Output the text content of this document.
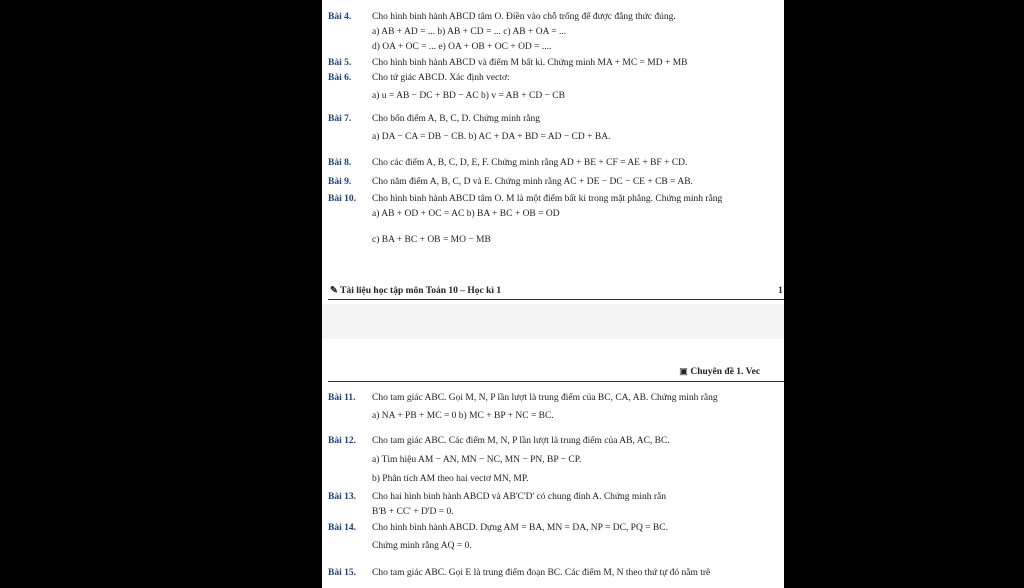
Bài 4. Cho hình bình hành ABCD tâm O. Điền vào chỗ trống để được đẳng thức đúng.
a) AB + AD = ... b) AB + CD = ... c) AB + OA = ...
d) OA + OC = ... e) OA + OB + OC + OD = ....
Bài 5. Cho hình bình hành ABCD và điểm M bất kì. Chứng minh MA + MC = MD + MB
Bài 6. Cho tứ giác ABCD. Xác định vectơ:
a) u = AB − DC + BD − AC b) v = AB + CD − CB
Bài 7. Cho bốn điểm A, B, C, D. Chứng minh rằng
a) DA − CA = DB − CB. b) AC + DA + BD = AD − CD + BA.
Bài 8. Cho các điểm A, B, C, D, E, F. Chứng minh rằng AD + BE + CF = AE + BF + CD.
Bài 9. Cho năm điểm A, B, C, D và E. Chứng minh rằng AC + DE − DC − CE + CB = AB.
Bài 10. Cho hình bình hành ABCD tâm O. M là một điểm bất kì trong mặt phẳng. Chứng minh rằng
a) AB + OD + OC = AC b) BA + BC + OB = OD
c) BA + BC + OB = MO − MB
✎ Tài liệu học tập môn Toán 10 – Học kì 1	1
▣ Chuyên đề 1. Vec
Bài 11. Cho tam giác ABC. Gọi M, N, P lần lượt là trung điểm của BC, CA, AB. Chứng minh rằng
a) NA + PB + MC = 0 b) MC + BP + NC = BC.
Bài 12. Cho tam giác ABC. Các điểm M, N, P lần lượt là trung điểm của AB, AC, BC.
a) Tìm hiệu AM − AN, MN − NC, MN − PN, BP − CP.
b) Phân tích AM theo hai vectơ MN, MP.
Bài 13. Cho hai hình bình hành ABCD và AB'C'D' có chung đỉnh A. Chứng minh rằn
B'B + CC' + D'D = 0.
Bài 14. Cho hình bình hành ABCD. Dựng AM = BA, MN = DA, NP = DC, PQ = BC.
Chứng minh rằng AQ = 0.
Bài 15. Cho tam giác ABC. Gọi E là trung điểm đoạn BC. Các điểm M, N theo thứ tự đó nằm trê
